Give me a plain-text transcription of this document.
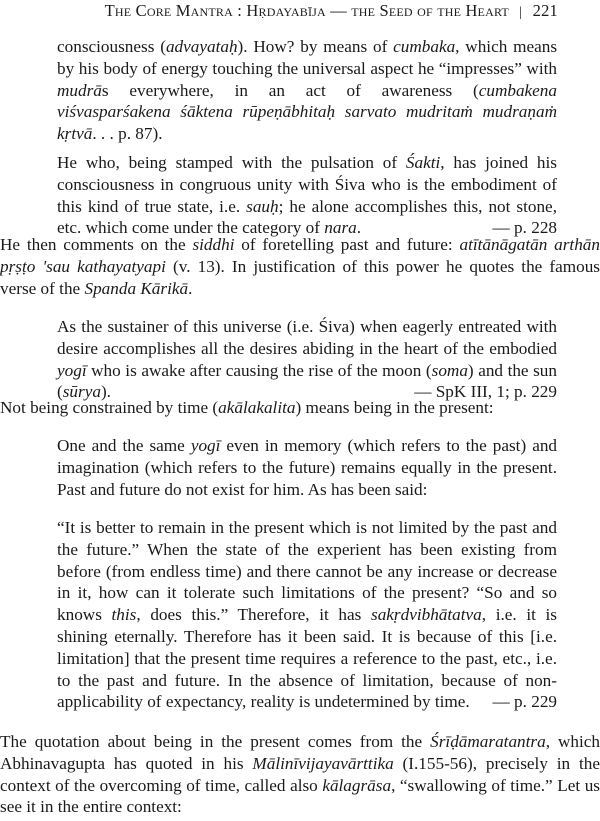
The Core Mantra : Hṛdayabīja — the Seed of the Heart | 221
consciousness (advayataḥ). How? by means of cumbaka, which means by his body of energy touching the universal aspect he “impresses” with mudrās everywhere, in an act of awareness (cumbakena viśvasparśakena śāktena rūpeṇābhitaḥ sarvato mudritaṁ mudraṇaṁ kṛtvā. . . p. 87).
He who, being stamped with the pulsation of Śakti, has joined his consciousness in congruous unity with Śiva who is the embodiment of this kind of true state, i.e. sauḥ; he alone accomplishes this, not stone, etc. which come under the category of nara.	— p. 228
He then comments on the siddhi of foretelling past and future: atītānāgatān arthān pṛṣṭo 'sau kathayatyapi (v. 13). In justification of this power he quotes the famous verse of the Spanda Kārikā.
As the sustainer of this universe (i.e. Śiva) when eagerly entreated with desire accomplishes all the desires abiding in the heart of the embodied yogī who is awake after causing the rise of the moon (soma) and the sun (sūrya).	— SpK III, 1; p. 229
Not being constrained by time (akālakalita) means being in the present:
One and the same yogī even in memory (which refers to the past) and imagination (which refers to the future) remains equally in the present. Past and future do not exist for him. As has been said:
“It is better to remain in the present which is not limited by the past and the future.” When the state of the experient has been existing from before (from endless time) and there cannot be any increase or decrease in it, how can it tolerate such limitations of the present? “So and so knows this, does this.” Therefore, it has sakṛdvibhātatva, i.e. it is shining eternally. Therefore has it been said. It is because of this [i.e. limitation] that the present time requires a reference to the past, etc., i.e. to the past and future. In the absence of limitation, because of non-applicability of expectancy, reality is undetermined by time.	— p. 229
The quotation about being in the present comes from the Śrīḍāmaratantra, which Abhinavagupta has quoted in his Mālinīvijayavārttika (I.155-56), precisely in the context of the overcoming of time, called also kālagrāsa, “swallowing of time.” Let us see it in the entire context:
